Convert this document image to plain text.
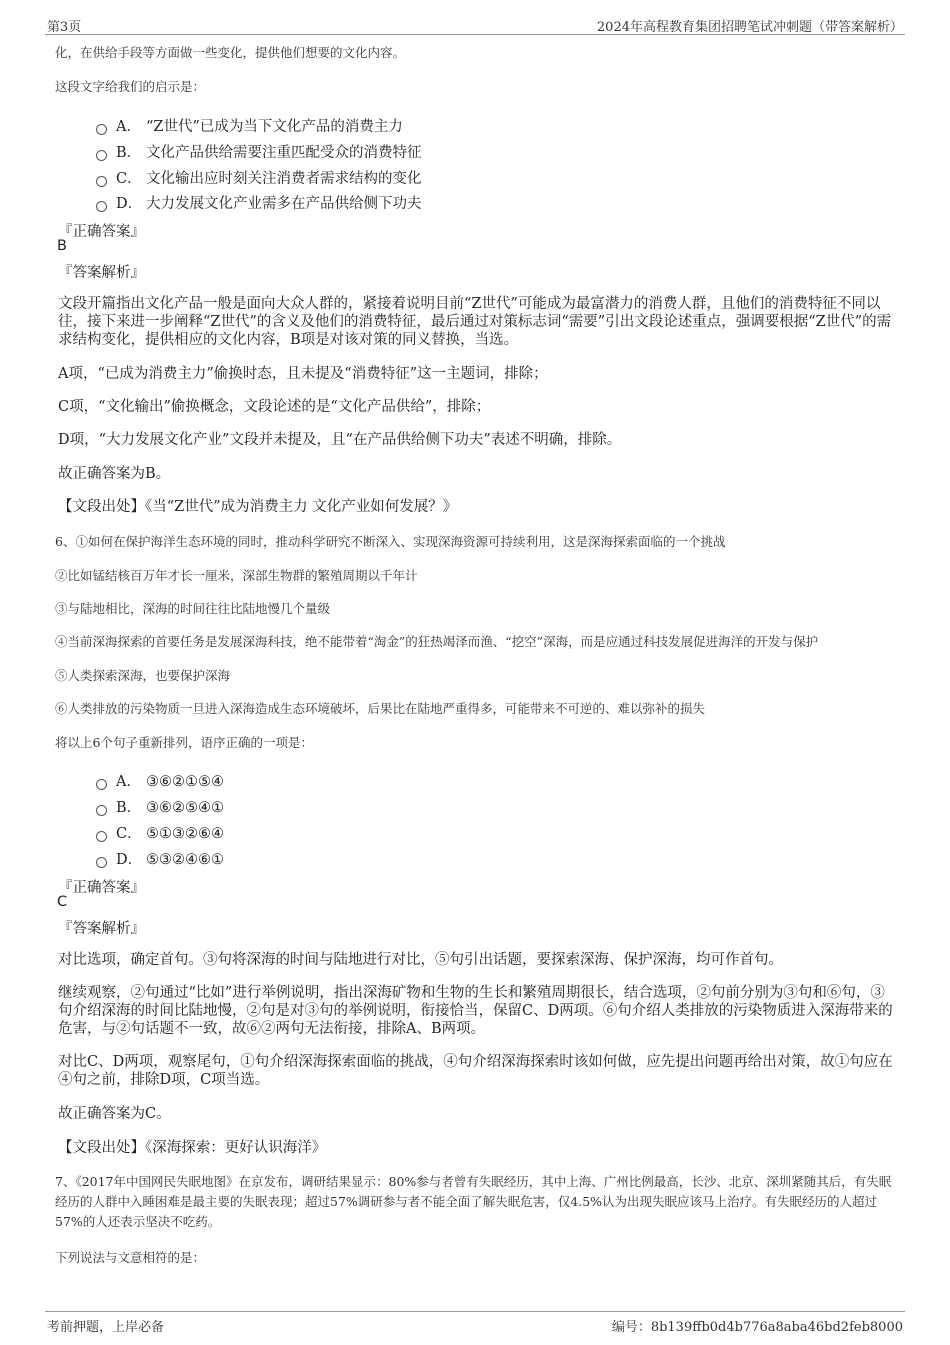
第3页	2024年高程教育集团招聘笔试冲刺题（带答案解析）
化，在供给手段等方面做一些变化，提供他们想要的文化内容。
这段文字给我们的启示是：
A． “Z世代”已成为当下文化产品的消费主力
B． 文化产品供给需要注重匹配受众的消费特征
C． 文化输出应时刻关注消费者需求结构的变化
D． 大力发展文化产业需多在产品供给侧下功夫
『正确答案』
B
『答案解析』
文段开篇指出文化产品一般是面向大众人群的，紧接着说明目前“Z世代”可能成为最富潜力的消费人群，且他们的消费特征不同以往，接下来进一步阐释“Z世代”的含义及他们的消费特征，最后通过对策标志词“需要”引出文段论述重点，强调要根据“Z世代”的需求结构变化，提供相应的文化内容，B项是对该对策的同义替换，当选。
A项，“已成为消费主力”偷换时态，且未提及“消费特征”这一主题词，排除；
C项，“文化输出”偷换概念，文段论述的是“文化产品供给”，排除；
D项，“大力发展文化产业”文段并未提及，且“在产品供给侧下功夫”表述不明确，排除。
故正确答案为B。
【文段出处】《当“Z世代”成为消费主力 文化产业如何发展？》
6、①如何在保护海洋生态环境的同时，推动科学研究不断深入、实现深海资源可持续利用，这是深海探索面临的一个挑战
②比如锰结核百万年才长一厘米，深部生物群的繁殖周期以千年计
③与陆地相比，深海的时间往往比陆地慢几个量级
④当前深海探索的首要任务是发展深海科技，绝不能带着“淘金”的狂热竭泽而渔、“挖空”深海，而是应通过科技发展促进海洋的开发与保护
⑤人类探索深海，也要保护深海
⑥人类排放的污染物质一旦进入深海造成生态环境破坏，后果比在陆地严重得多，可能带来不可逆的、难以弥补的损失
将以上6个句子重新排列，语序正确的一项是：
A． ③⑥②①⑤④
B． ③⑥②⑤④①
C． ⑤①③②⑥④
D． ⑤③②④⑥①
『正确答案』
C
『答案解析』
对比选项，确定首句。③句将深海的时间与陆地进行对比，⑤句引出话题，要探索深海、保护深海，均可作首句。
继续观察，②句通过“比如”进行举例说明，指出深海矿物和生物的生长和繁殖周期很长，结合选项，②句前分别为③句和⑥句，③句介绍深海的时间比陆地慢，②句是对③句的举例说明，衔接恰当，保留C、D两项。⑥句介绍人类排放的污染物质进入深海带来的危害，与②句话题不一致，故⑥②两句无法衔接，排除A、B两项。
对比C、D两项，观察尾句，①句介绍深海探索面临的挑战，④句介绍深海探索时该如何做，应先提出问题再给出对策，故①句应在④句之前，排除D项，C项当选。
故正确答案为C。
【文段出处】《深海探索：更好认识海洋》
7、《2017年中国网民失眠地图》在京发布，调研结果显示：80%参与者曾有失眠经历，其中上海、广州比例最高，长沙、北京、深圳紧随其后，有失眠经历的人群中入睡困难是最主要的失眠表现；超过57%调研参与者不能全面了解失眠危害，仅4.5%认为出现失眠应该马上治疗。有失眠经历的人超过57%的人还表示坚决不吃药。
下列说法与文意相符的是：
考前押题，上岸必备	编号：8b139ffb0d4b776a8aba46bd2feb8000
